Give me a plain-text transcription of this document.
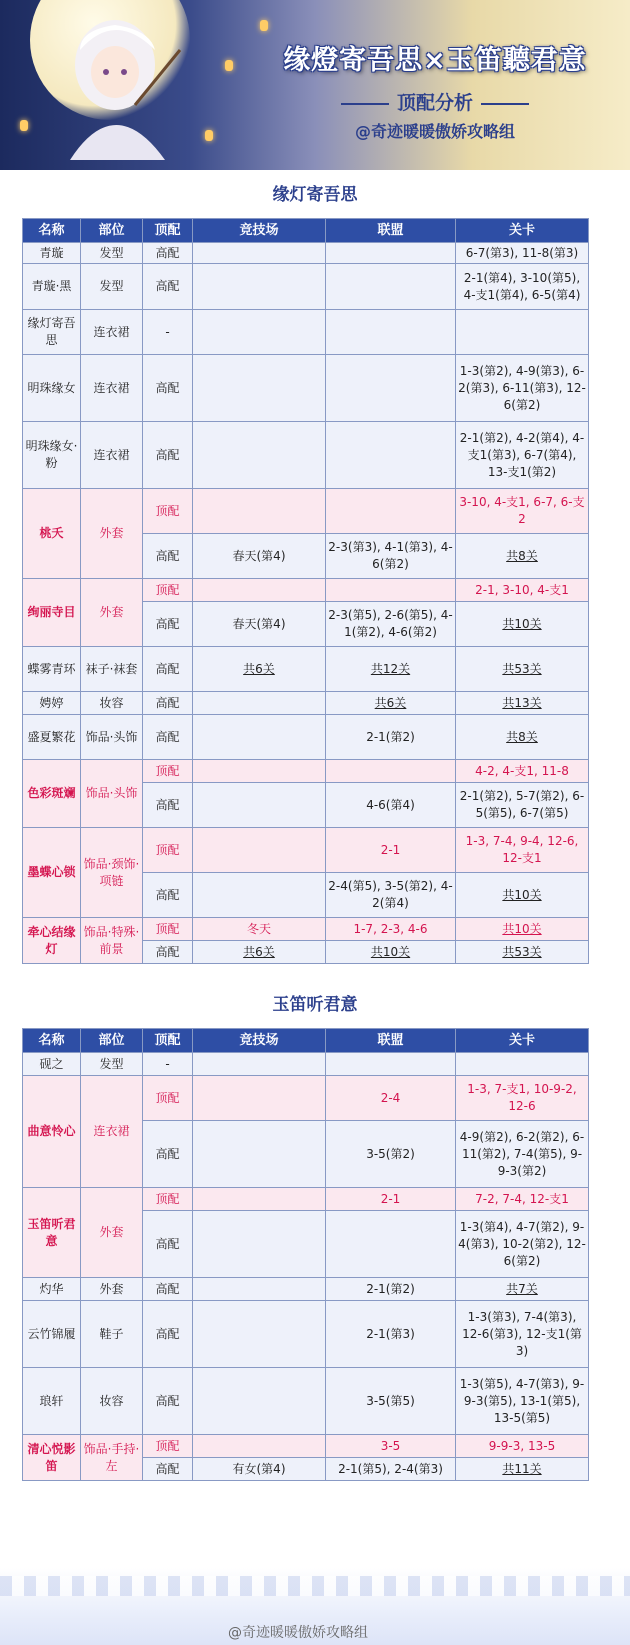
缘燈寄吾思×玉笛聽君意
顶配分析
@奇迹暖暖傲娇攻略组
缘灯寄吾思
名称	部位	顶配	竞技场	联盟	关卡
青璇	发型	高配			6-7(第3), 11-8(第3)
青璇·黑	发型	高配			2-1(第4), 3-10(第5), 4-支1(第4), 6-5(第4)
缘灯寄吾思	连衣裙	-			
明珠缘女	连衣裙	高配			1-3(第2), 4-9(第3), 6-2(第3), 6-11(第3), 12-6(第2)
明珠缘女·粉	连衣裙	高配			2-1(第2), 4-2(第4), 4-支1(第3), 6-7(第4), 13-支1(第2)
桃夭	外套	顶配			3-10, 4-支1, 6-7, 6-支2
		高配	春天(第4)	2-3(第3), 4-1(第3), 4-6(第2)	共8关
绚丽寺目	外套	顶配			2-1, 3-10, 4-支1
		高配	春天(第4)	2-3(第5), 2-6(第5), 4-1(第2), 4-6(第2)	共10关
蝶雾青环	袜子·袜套	高配	共6关	共12关	共53关
娉婷	妆容	高配		共6关	共13关
盛夏繁花	饰品·头饰	高配		2-1(第2)	共8关
色彩斑斓	饰品·头饰	顶配			4-2, 4-支1, 11-8
		高配		4-6(第4)	2-1(第2), 5-7(第2), 6-5(第5), 6-7(第5)
墨蝶心锁	饰品·颈饰·项链	顶配		2-1	1-3, 7-4, 9-4, 12-6, 12-支1
		高配		2-4(第5), 3-5(第2), 4-2(第4)	共10关
牵心结缘灯	饰品·特殊·前景	顶配	冬天	1-7, 2-3, 4-6	共10关
		高配	共6关	共10关	共53关
玉笛听君意
名称	部位	顶配	竞技场	联盟	关卡
砚之	发型	-			
曲意怜心	连衣裙	顶配		2-4	1-3, 7-支1, 10-9-2, 12-6
		高配		3-5(第2)	4-9(第2), 6-2(第2), 6-11(第2), 7-4(第5), 9-9-3(第2)
玉笛听君意	外套	顶配		2-1	7-2, 7-4, 12-支1
		高配			1-3(第4), 4-7(第2), 9-4(第3), 10-2(第2), 12-6(第2)
灼华	外套	高配		2-1(第2)	共7关
云竹锦履	鞋子	高配		2-1(第3)	1-3(第3), 7-4(第3), 12-6(第3), 12-支1(第3)
琅轩	妆容	高配		3-5(第5)	1-3(第5), 4-7(第3), 9-9-3(第5), 13-1(第5), 13-5(第5)
清心悦影笛	饰品·手持·左	顶配		3-5	9-9-3, 13-5
		高配	有女(第4)	2-1(第5), 2-4(第3)	共11关
@奇迹暖暖傲娇攻略组
